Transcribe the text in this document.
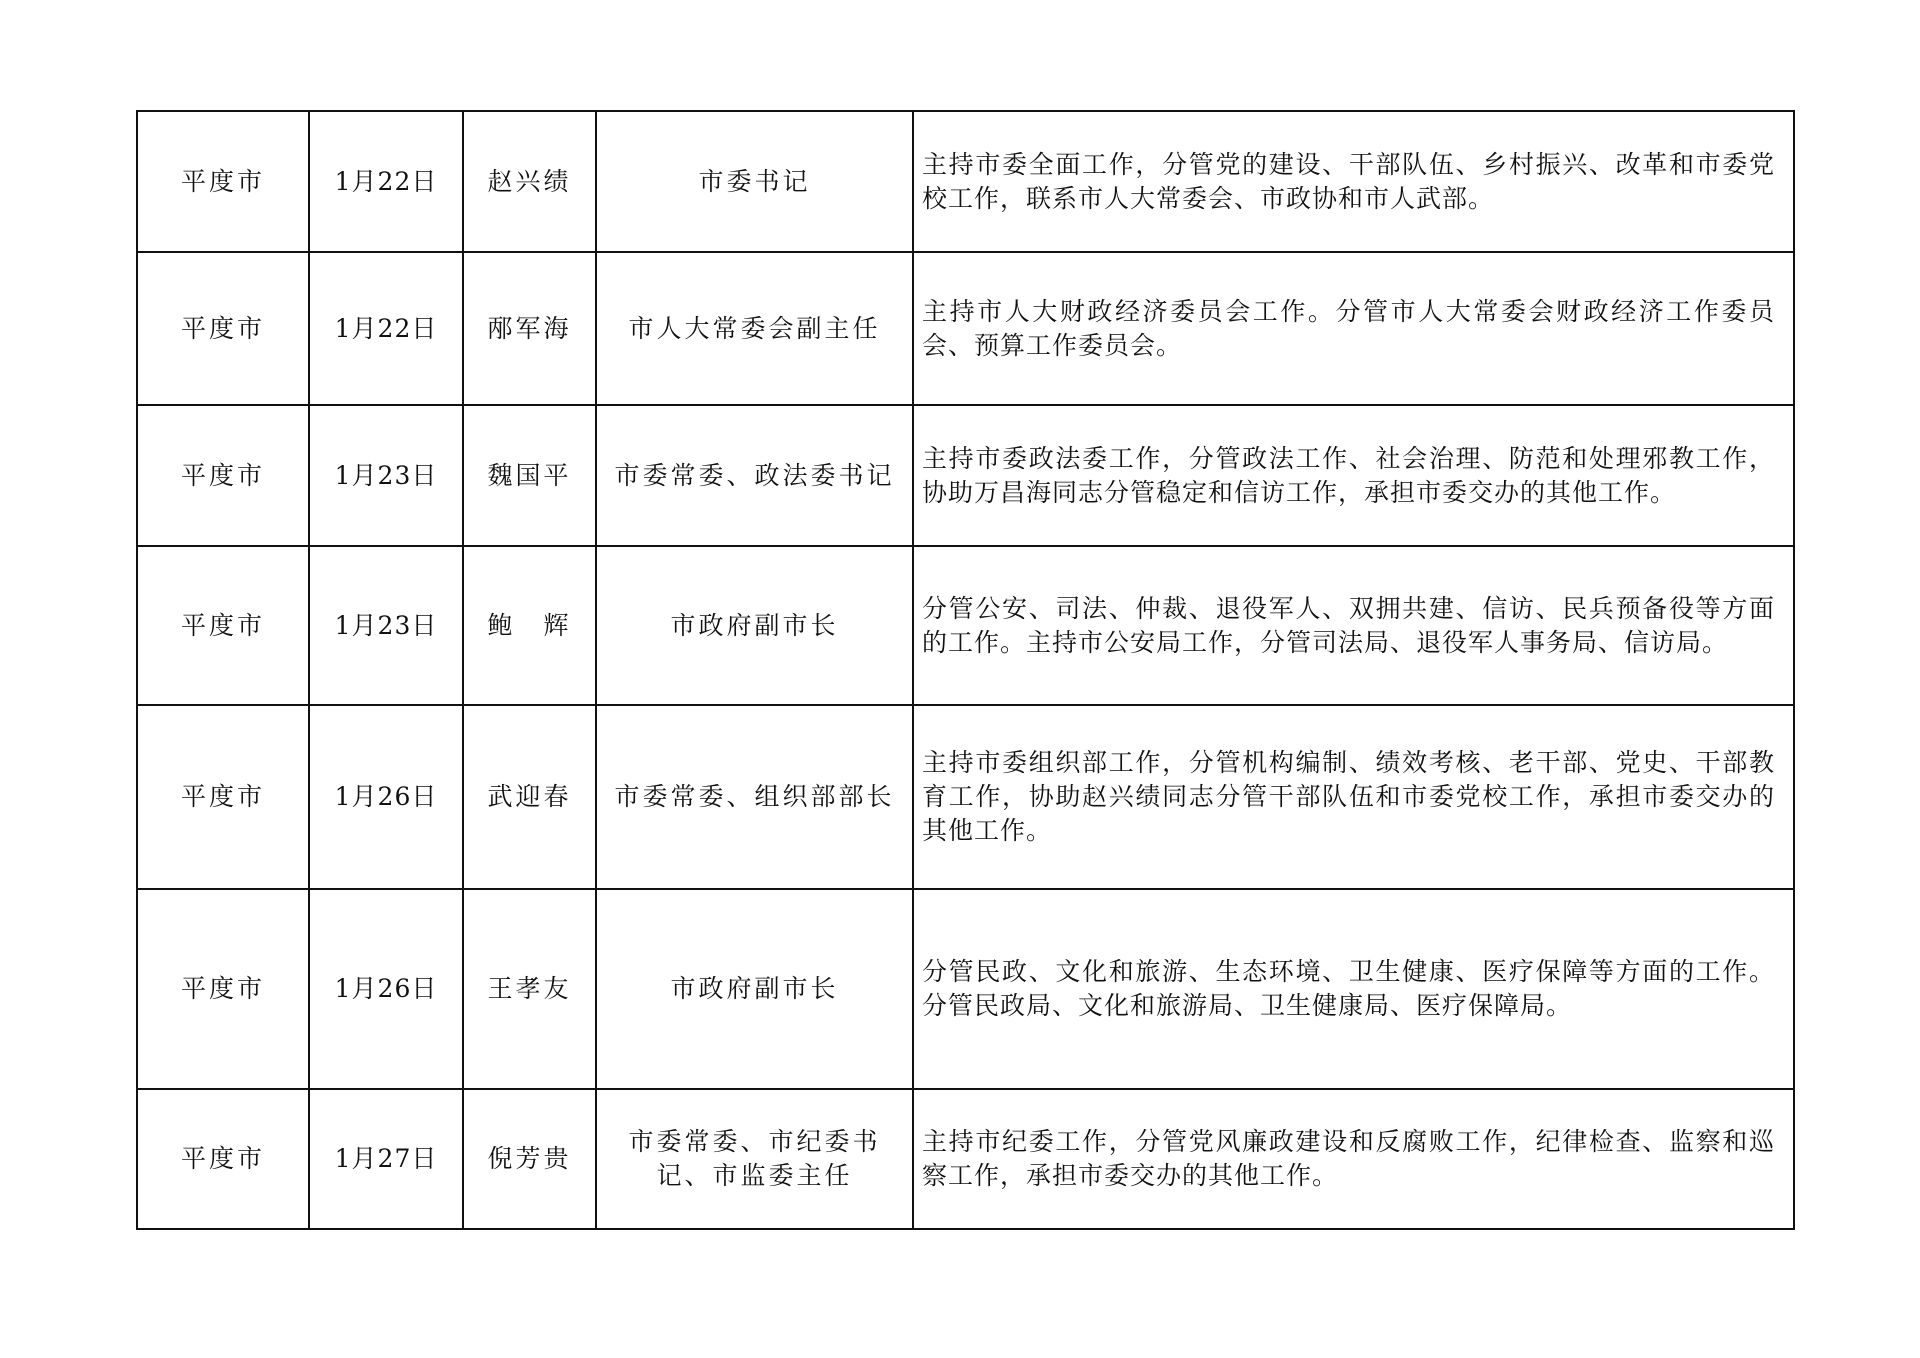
平度市	1月22日	赵兴绩	市委书记	主持市委全面工作，分管党的建设、干部队伍、乡村振兴、改革和市委党校工作，联系市人大常委会、市政协和市人武部。
平度市	1月22日	邴军海	市人大常委会副主任	主持市人大财政经济委员会工作。分管市人大常委会财政经济工作委员会、预算工作委员会。
平度市	1月23日	魏国平	市委常委、政法委书记	主持市委政法委工作，分管政法工作、社会治理、防范和处理邪教工作，协助万昌海同志分管稳定和信访工作，承担市委交办的其他工作。
平度市	1月23日	鲍　辉	市政府副市长	分管公安、司法、仲裁、退役军人、双拥共建、信访、民兵预备役等方面的工作。主持市公安局工作，分管司法局、退役军人事务局、信访局。
平度市	1月26日	武迎春	市委常委、组织部部长	主持市委组织部工作，分管机构编制、绩效考核、老干部、党史、干部教育工作，协助赵兴绩同志分管干部队伍和市委党校工作，承担市委交办的其他工作。
平度市	1月26日	王孝友	市政府副市长	分管民政、文化和旅游、生态环境、卫生健康、医疗保障等方面的工作。分管民政局、文化和旅游局、卫生健康局、医疗保障局。
平度市	1月27日	倪芳贵	市委常委、市纪委书记、市监委主任	主持市纪委工作，分管党风廉政建设和反腐败工作，纪律检查、监察和巡察工作，承担市委交办的其他工作。
